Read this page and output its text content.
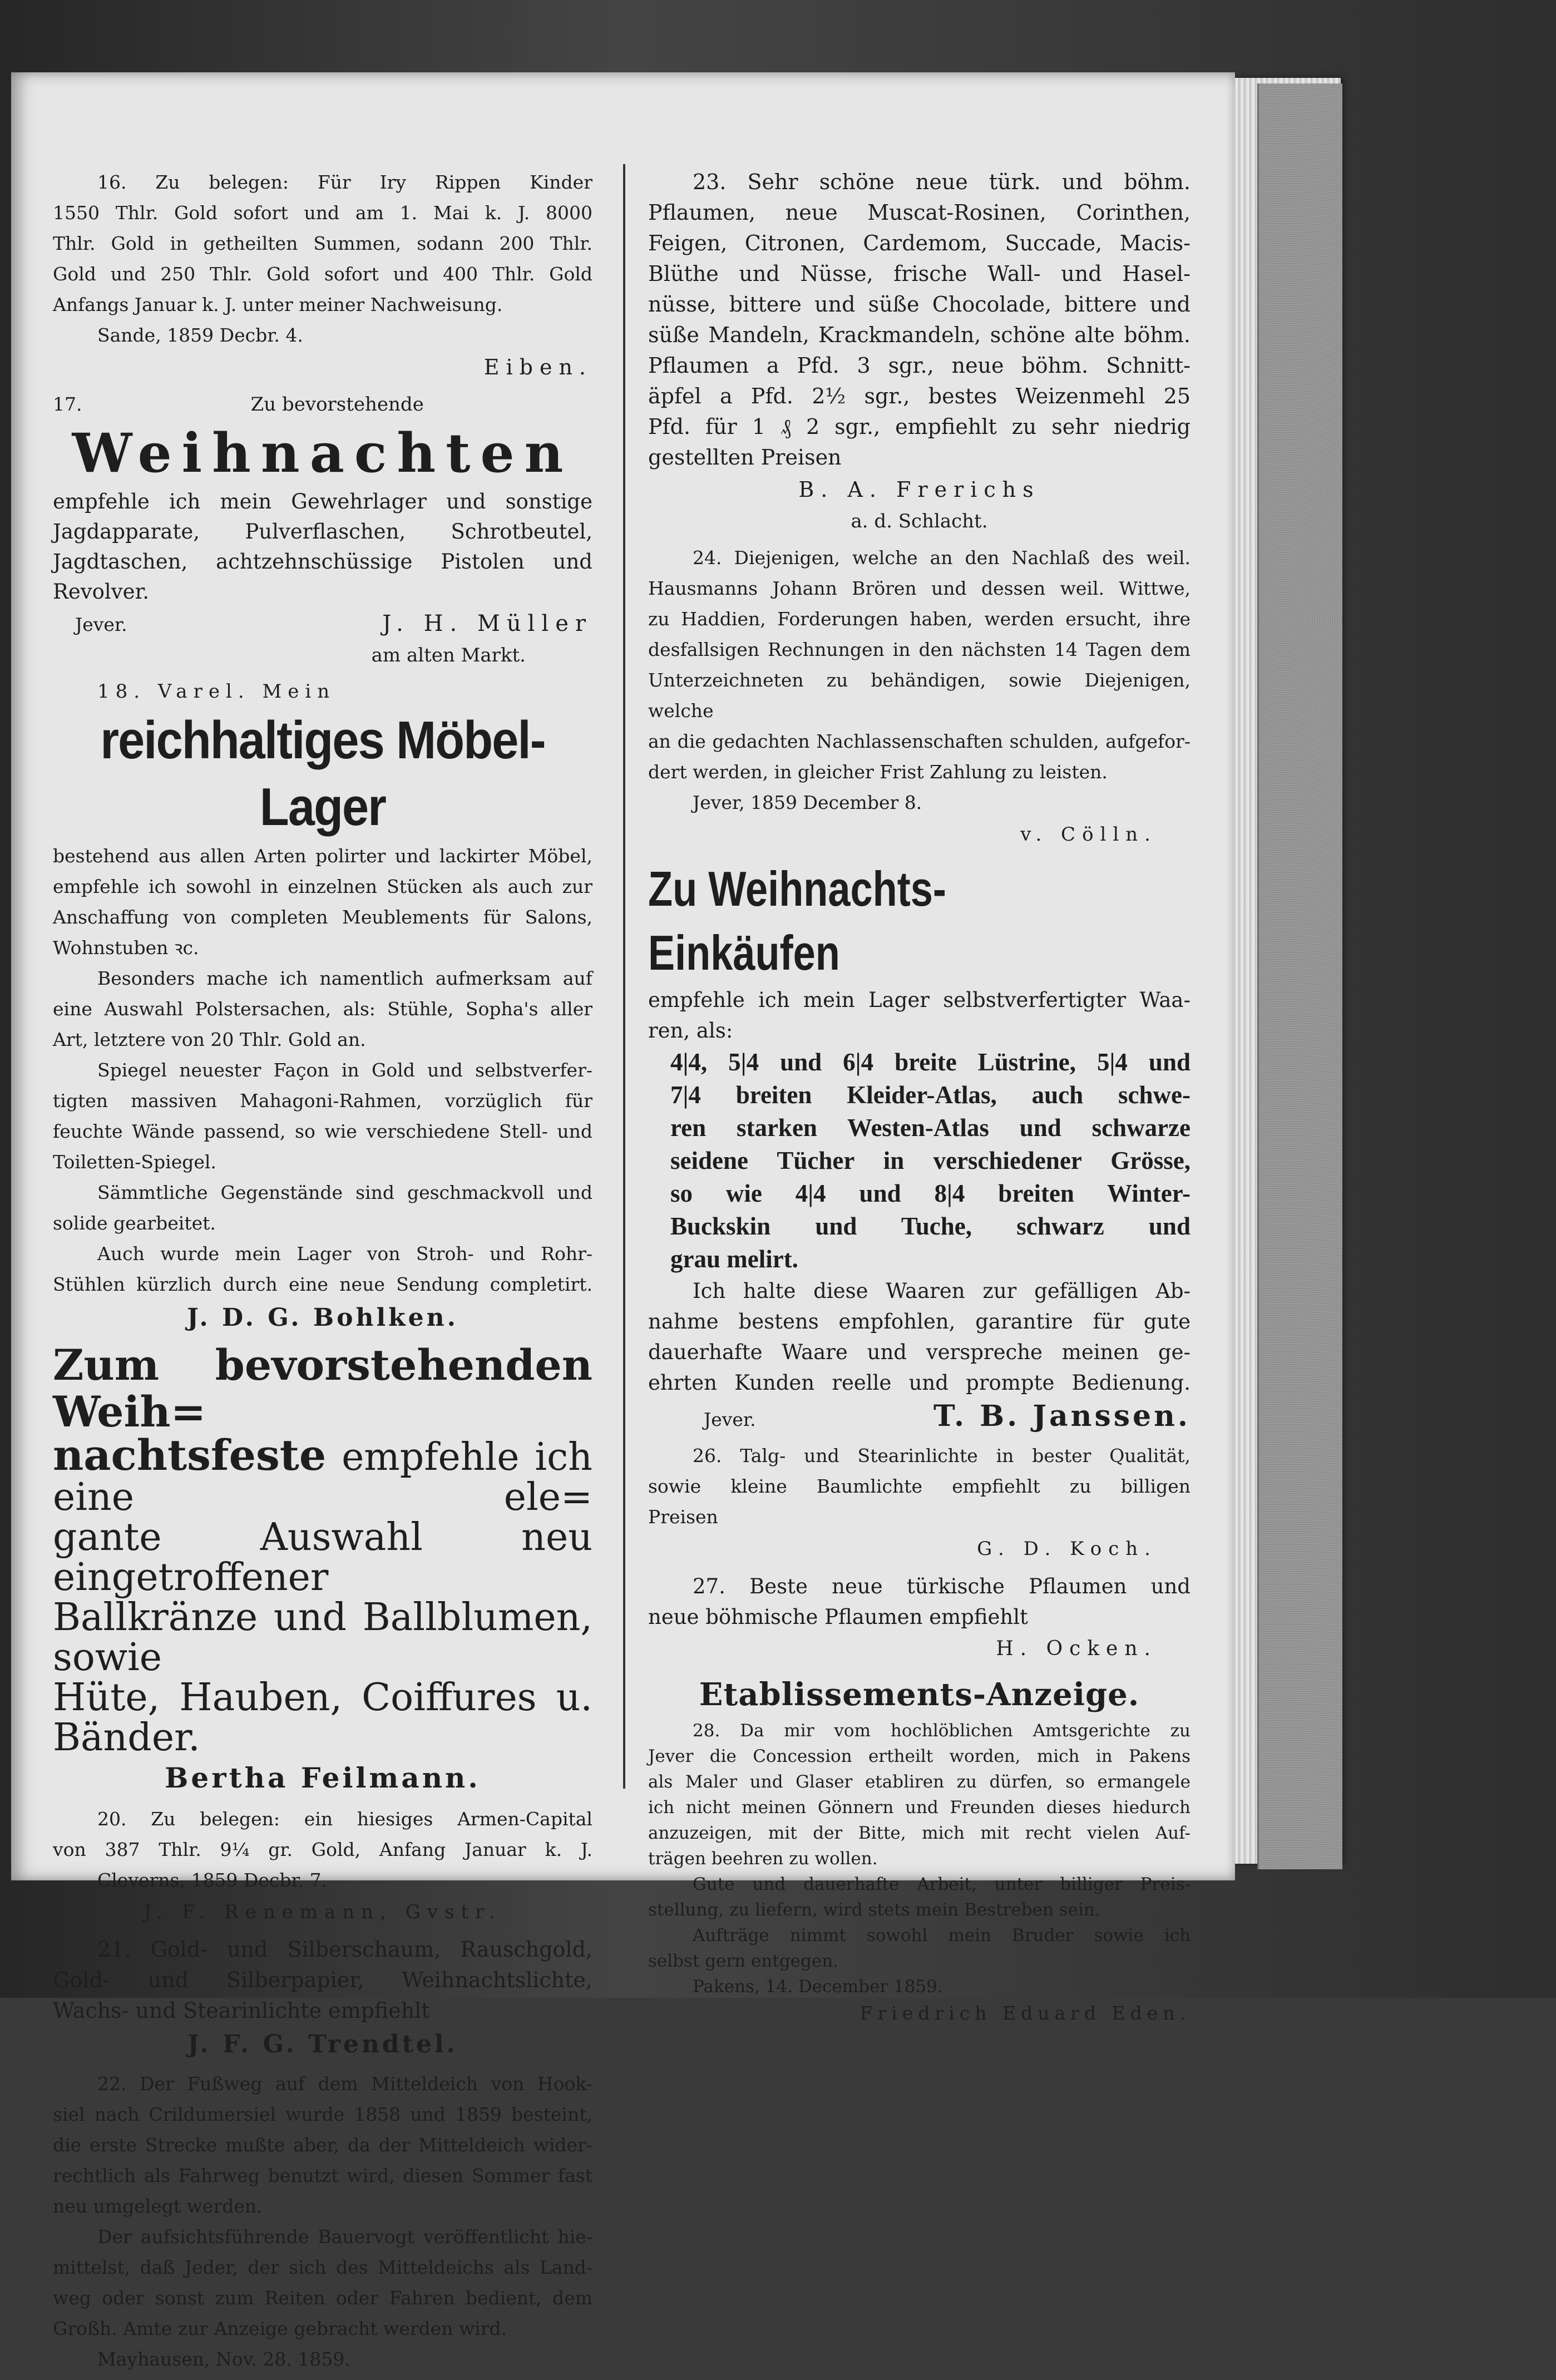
16. Zu belegen: Für Iry Rippen Kinder

1550 Thlr. Gold sofort und am 1. Mai k. J. 8000

Thlr. Gold in getheilten Summen, sodann 200 Thlr.

Gold und 250 Thlr. Gold sofort und 400 Thlr. Gold

Anfangs Januar k. J. unter meiner Nachweisung.

Sande, 1859 Decbr. 4.

Eiben.

17.	Zu bevorstehende

Weihnachten

empfehle ich mein Gewehrlager und sonstige

Jagdapparate, Pulverflaschen, Schrotbeutel,

Jagdtaschen, achtzehnschüssige Pistolen und

Revolver.

Jever.	J. H. Müller

am alten Markt.

18. Varel. Mein

reichhaltiges Möbel-Lager

bestehend aus allen Arten polirter und lackirter Möbel,

empfehle ich sowohl in einzelnen Stücken als auch zur

Anschaffung von completen Meublements für Salons,

Wohnstuben ꝛc.

Besonders mache ich namentlich aufmerksam auf

eine Auswahl Polstersachen, als: Stühle, Sopha's aller

Art, letztere von 20 Thlr. Gold an.

Spiegel neuester Façon in Gold und selbstverfer-

tigten massiven Mahagoni-Rahmen, vorzüglich für

feuchte Wände passend, so wie verschiedene Stell- und

Toiletten-Spiegel.

Sämmtliche Gegenstände sind geschmackvoll und

solide gearbeitet.

Auch wurde mein Lager von Stroh- und Rohr-

Stühlen kürzlich durch eine neue Sendung completirt.

J. D. G. Bohlken.

Zum bevorstehenden Weih=

nachtsfeste empfehle ich eine ele=

gante Auswahl neu eingetroffener

Ballkränze und Ballblumen, sowie

Hüte, Hauben, Coiffures u. Bänder.

Bertha Feilmann.

20. Zu belegen: ein hiesiges Armen-Capital

von 387 Thlr. 9¼ gr. Gold, Anfang Januar k. J.

Cleverns, 1859 Decbr. 7.

J. F. Renemann, Gvstr.

21. Gold- und Silberschaum, Rauschgold,

Gold- und Silberpapier, Weihnachtslichte,

Wachs- und Stearinlichte empfiehlt

J. F. G. Trendtel.

22. Der Fußweg auf dem Mitteldeich von Hook-

siel nach Crildumersiel wurde 1858 und 1859 besteint,

die erste Strecke mußte aber, da der Mitteldeich wider-

rechtlich als Fahrweg benutzt wird, diesen Sommer fast

neu umgelegt werden.

Der aufsichtsführende Bauervogt veröffentlicht hie-

mittelst, daß Jeder, der sich des Mitteldeichs als Land-

weg oder sonst zum Reiten oder Fahren bedient, dem

Großh. Amte zur Anzeige gebracht werden wird.

Mayhausen, Nov. 28. 1859.

23. Sehr schöne neue türk. und böhm.

Pflaumen, neue Muscat-Rosinen, Corinthen,

Feigen, Citronen, Cardemom, Succade, Macis-

Blüthe und Nüsse, frische Wall- und Hasel-

nüsse, bittere und süße Chocolade, bittere und

süße Mandeln, Krackmandeln, schöne alte böhm.

Pflaumen a Pfd. 3 sgr., neue böhm. Schnitt-

äpfel a Pfd. 2½ sgr., bestes Weizenmehl 25

Pfd. für 1 ₰ 2 sgr., empfiehlt zu sehr niedrig

gestellten Preisen

B. A. Frerichs

a. d. Schlacht.

24. Diejenigen, welche an den Nachlaß des weil.

Hausmanns Johann Brören und dessen weil. Wittwe,

zu Haddien, Forderungen haben, werden ersucht, ihre

desfallsigen Rechnungen in den nächsten 14 Tagen dem

Unterzeichneten zu behändigen, sowie Diejenigen, welche

an die gedachten Nachlassenschaften schulden, aufgefor-

dert werden, in gleicher Frist Zahlung zu leisten.

Jever, 1859 December 8.

v. Cölln.

Zu Weihnachts-Einkäufen

empfehle ich mein Lager selbstverfertigter Waa-

ren, als:

4|4, 5|4 und 6|4 breite Lüstrine, 5|4 und

7|4 breiten Kleider-Atlas, auch schwe-

ren starken Westen-Atlas und schwarze

seidene Tücher in verschiedener Grösse,

so wie 4|4 und 8|4 breiten Winter-

Buckskin und Tuche, schwarz und

grau melirt.

Ich halte diese Waaren zur gefälligen Ab-

nahme bestens empfohlen, garantire für gute

dauerhafte Waare und verspreche meinen ge-

ehrten Kunden reelle und prompte Bedienung.

Jever.	T. B. Janssen.

26. Talg- und Stearinlichte in bester Qualität,

sowie kleine Baumlichte empfiehlt zu billigen

Preisen

G. D. Koch.

27. Beste neue türkische Pflaumen und

neue böhmische Pflaumen empfiehlt

H. Ocken.

Etablissements-Anzeige.

28. Da mir vom hochlöblichen Amtsgerichte zu

Jever die Concession ertheilt worden, mich in Pakens

als Maler und Glaser etabliren zu dürfen, so ermangele

ich nicht meinen Gönnern und Freunden dieses hiedurch

anzuzeigen, mit der Bitte, mich mit recht vielen Auf-

trägen beehren zu wollen.

Gute und dauerhafte Arbeit, unter billiger Preis-

stellung, zu liefern, wird stets mein Bestreben sein.

Aufträge nimmt sowohl mein Bruder sowie ich

selbst gern entgegen.

Pakens, 14. December 1859.

Friedrich Eduard Eden.
